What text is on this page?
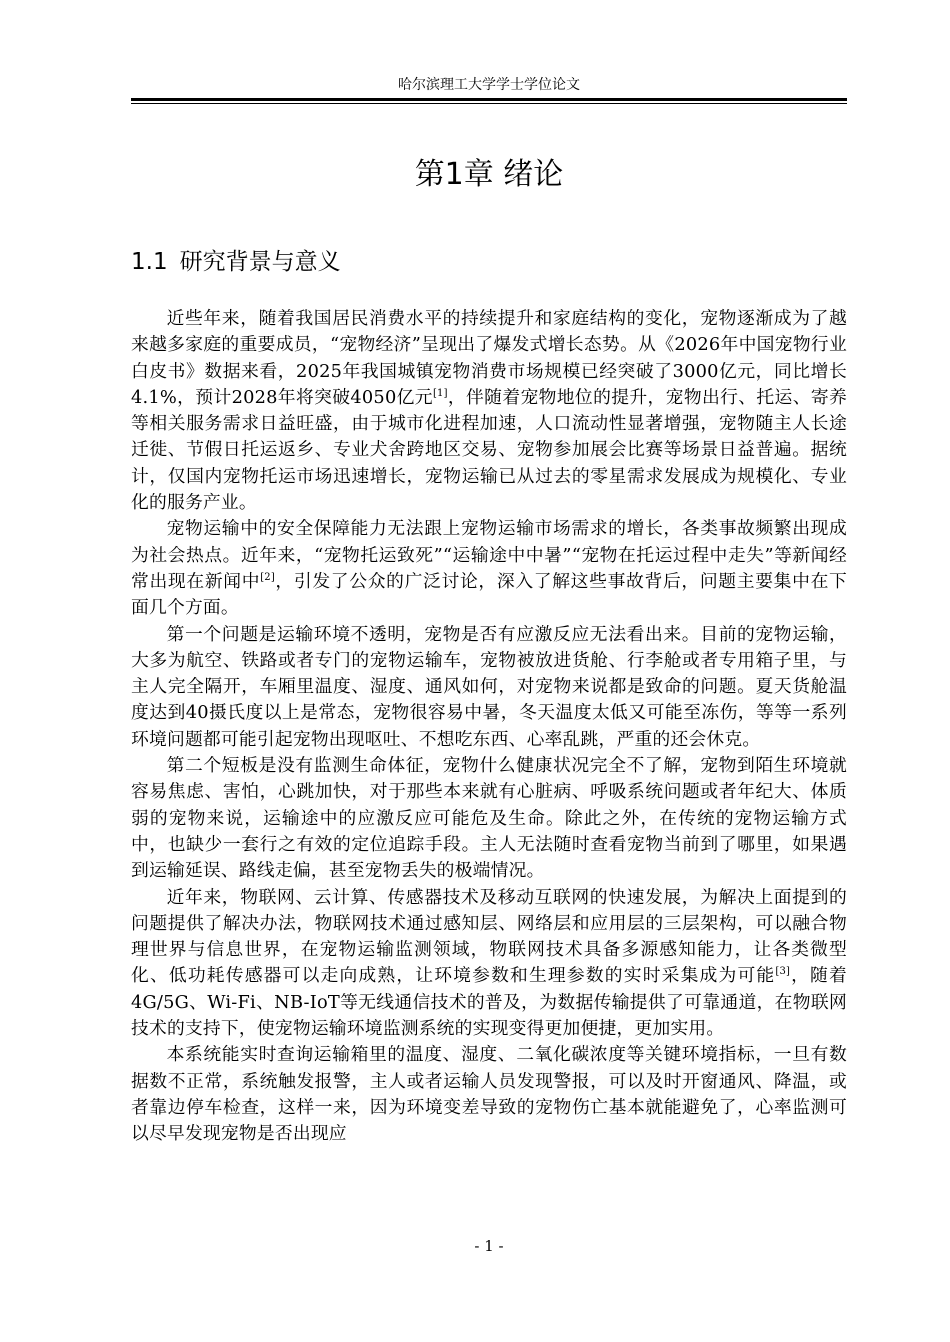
哈尔滨理工大学学士学位论文
第1章 绪论
1.1 研究背景与意义

近些年来，随着我国居民消费水平的持续提升和家庭结构的变化，宠物逐渐成为了越来越多家庭的重要成员，“宠物经济”呈现出了爆发式增长态势。从《2026年中国宠物行业白皮书》数据来看，2025年我国城镇宠物消费市场规模已经突破了3000亿元，同比增长4.1%，预计2028年将突破4050亿元[1]，伴随着宠物地位的提升，宠物出行、托运、寄养等相关服务需求日益旺盛，由于城市化进程加速，人口流动性显著增强，宠物随主人长途迁徙、节假日托运返乡、专业犬舍跨地区交易、宠物参加展会比赛等场景日益普遍。据统计，仅国内宠物托运市场迅速增长，宠物运输已从过去的零星需求发展成为规模化、专业化的服务产业。

宠物运输中的安全保障能力无法跟上宠物运输市场需求的增长，各类事故频繁出现成为社会热点。近年来，“宠物托运致死”“运输途中中暑”“宠物在托运过程中走失”等新闻经常出现在新闻中[2]，引发了公众的广泛讨论，深入了解这些事故背后，问题主要集中在下面几个方面。

第一个问题是运输环境不透明，宠物是否有应激反应无法看出来。目前的宠物运输，大多为航空、铁路或者专门的宠物运输车，宠物被放进货舱、行李舱或者专用箱子里，与主人完全隔开，车厢里温度、湿度、通风如何，对宠物来说都是致命的问题。夏天货舱温度达到40摄氏度以上是常态，宠物很容易中暑，冬天温度太低又可能至冻伤，等等一系列环境问题都可能引起宠物出现呕吐、不想吃东西、心率乱跳，严重的还会休克。

第二个短板是没有监测生命体征，宠物什么健康状况完全不了解，宠物到陌生环境就容易焦虑、害怕，心跳加快，对于那些本来就有心脏病、呼吸系统问题或者年纪大、体质弱的宠物来说，运输途中的应激反应可能危及生命。除此之外，在传统的宠物运输方式中，也缺少一套行之有效的定位追踪手段。主人无法随时查看宠物当前到了哪里，如果遇到运输延误、路线走偏，甚至宠物丢失的极端情况。

近年来，物联网、云计算、传感器技术及移动互联网的快速发展，为解决上面提到的问题提供了解决办法，物联网技术通过感知层、网络层和应用层的三层架构，可以融合物理世界与信息世界，在宠物运输监测领域，物联网技术具备多源感知能力，让各类微型化、低功耗传感器可以走向成熟，让环境参数和生理参数的实时采集成为可能[3]，随着4G/5G、Wi-Fi、NB-IoT等无线通信技术的普及，为数据传输提供了可靠通道，在物联网技术的支持下，使宠物运输环境监测系统的实现变得更加便捷，更加实用。

本系统能实时查询运输箱里的温度、湿度、二氧化碳浓度等关键环境指标，一旦有数据数不正常，系统触发报警，主人或者运输人员发现警报，可以及时开窗通风、降温，或者靠边停车检查，这样一来，因为环境变差导致的宠物伤亡基本就能避免了，心率监测可以尽早发现宠物是否出现应

- 1 -
